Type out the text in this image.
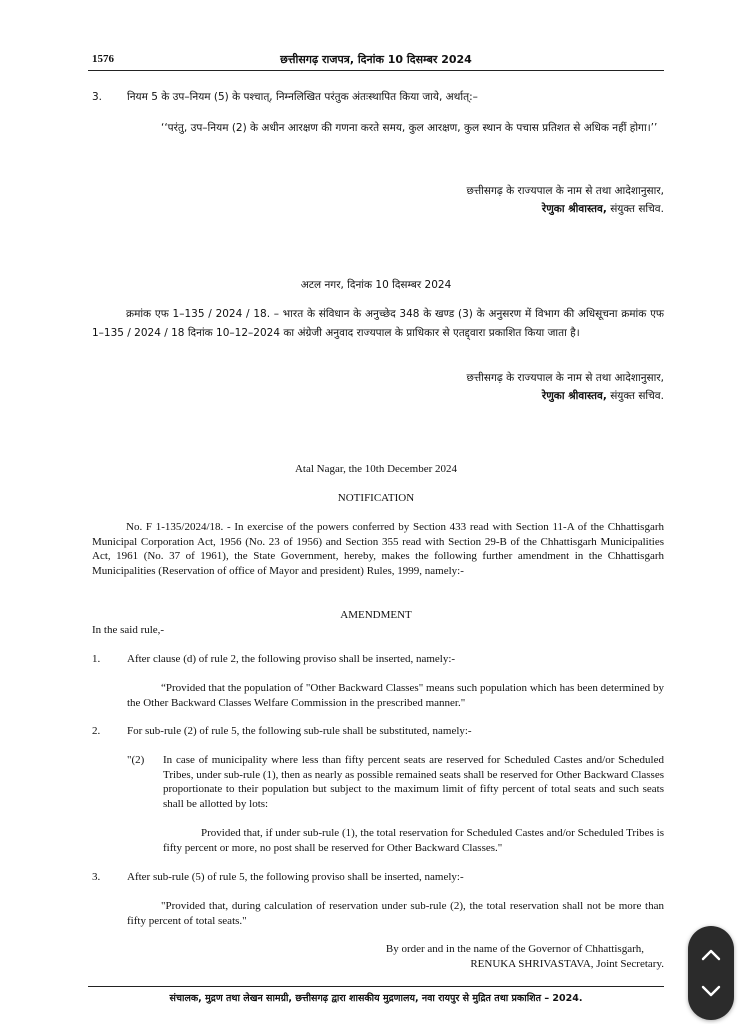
1576	छत्तीसगढ़ राजपत्र, दिनांक 10 दिसम्बर 2024
3. नियम 5 के उप–नियम (5) के पश्चात्, निम्नलिखित परंतुक अंतःस्थापित किया जाये, अर्थात्:–
‘‘परंतु, उप–नियम (2) के अधीन आरक्षण की गणना करते समय, कुल आरक्षण, कुल स्थान के पचास प्रतिशत से अधिक नहीं होगा।’’
छत्तीसगढ़ के राज्यपाल के नाम से तथा आदेशानुसार,
रेणुका श्रीवास्तव, संयुक्त सचिव.
अटल नगर, दिनांक 10 दिसम्बर 2024
क्रमांक एफ 1–135 / 2024 / 18. – भारत के संविधान के अनुच्छेद 348 के खण्ड (3) के अनुसरण में विभाग की अधिसूचना क्रमांक एफ 1–135 / 2024 / 18 दिनांक 10–12–2024 का अंग्रेजी अनुवाद राज्यपाल के प्राधिकार से एतद्द्वारा प्रकाशित किया जाता है।
छत्तीसगढ़ के राज्यपाल के नाम से तथा आदेशानुसार,
रेणुका श्रीवास्तव, संयुक्त सचिव.
Atal Nagar, the 10th December 2024
NOTIFICATION
No. F 1-135/2024/18. - In exercise of the powers conferred by Section 433 read with Section 11-A of the Chhattisgarh Municipal Corporation Act, 1956 (No. 23 of 1956) and Section 355 read with Section 29-B of the Chhattisgarh Municipalities Act, 1961 (No. 37 of 1961), the State Government, hereby, makes the following further amendment in the Chhattisgarh Municipalities (Reservation of office of Mayor and president) Rules, 1999, namely:-
AMENDMENT
In the said rule,-
1. After clause (d) of rule 2, the following proviso shall be inserted, namely:-
“Provided that the population of "Other Backward Classes" means such population which has been determined by the Other Backward Classes Welfare Commission in the prescribed manner."
2. For sub-rule (2) of rule 5, the following sub-rule shall be substituted, namely:-
"(2) In case of municipality where less than fifty percent seats are reserved for Scheduled Castes and/or Scheduled Tribes, under sub-rule (1), then as nearly as possible remained seats shall be reserved for Other Backward Classes proportionate to their population but subject to the maximum limit of fifty percent of total seats and such seats shall be allotted by lots:
Provided that, if under sub-rule (1), the total reservation for Scheduled Castes and/or Scheduled Tribes is fifty percent or more, no post shall be reserved for Other Backward Classes."
3. After sub-rule (5) of rule 5, the following proviso shall be inserted, namely:-
"Provided that, during calculation of reservation under sub-rule (2), the total reservation shall not be more than fifty percent of total seats."
By order and in the name of the Governor of Chhattisgarh,
RENUKA SHRIVASTAVA, Joint Secretary.
संचालक, मुद्रण तथा लेखन सामग्री, छत्तीसगढ़ द्वारा शासकीय मुद्रणालय, नवा रायपुर से मुद्रित तथा प्रकाशित – 2024.
